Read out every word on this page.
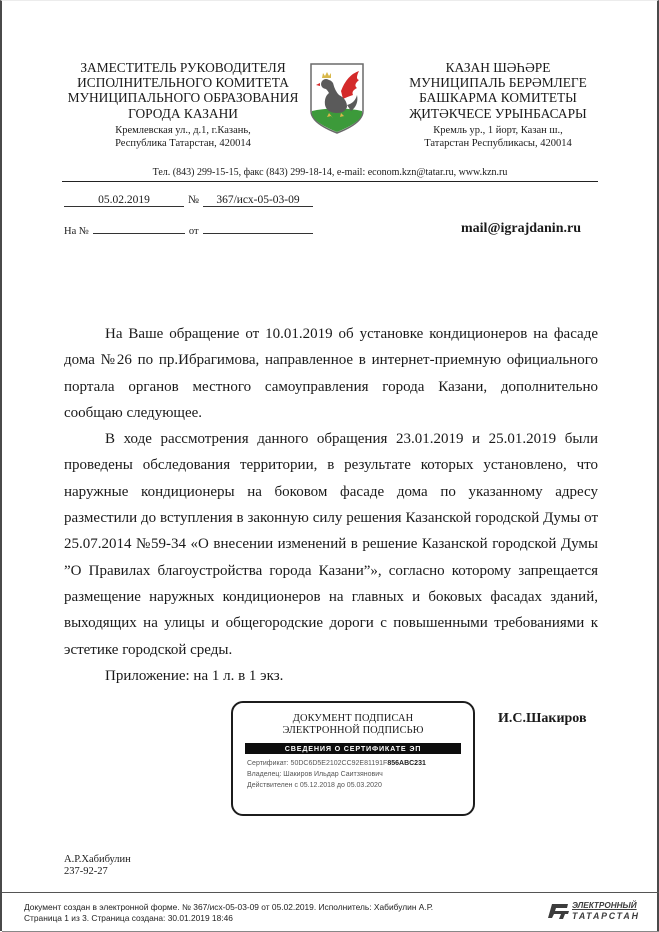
ЗАМЕСТИТЕЛЬ РУКОВОДИТЕЛЯ
ИСПОЛНИТЕЛЬНОГО КОМИТЕТА
МУНИЦИПАЛЬНОГО ОБРАЗОВАНИЯ
ГОРОДА КАЗАНИ
Кремлевская ул., д.1, г.Казань,
Республика Татарстан, 420014
КАЗАН ШӘҺӘРЕ
МУНИЦИПАЛЬ БЕРӘМЛЕГЕ
БАШКАРМА КОМИТЕТЫ
ҖИТӘКЧЕСЕ УРЫНБАСАРЫ
Кремль ур., 1 йорт, Казан ш.,
Татарстан Республикасы, 420014
Тел. (843) 299-15-15, факс (843) 299-18-14, e-mail: econom.kzn@tatar.ru, www.kzn.ru
05.02.2019	№ 367/исх-05-03-09
На №	от	mail@igrajdanin.ru

На Ваше обращение от 10.01.2019 об установке кондиционеров на фасаде дома №26 по пр.Ибрагимова, направленное в интернет-приемную официального портала органов местного самоуправления города Казани, дополнительно сообщаю следующее.

В ходе рассмотрения данного обращения 23.01.2019 и 25.01.2019 были проведены обследования территории, в результате которых установлено, что наружные кондиционеры на боковом фасаде дома по указанному адресу разместили до вступления в законную силу решения Казанской городской Думы от 25.07.2014 №59-34 «О внесении изменений в решение Казанской городской Думы ”О Правилах благоустройства города Казани”», согласно которому запрещается размещение наружных кондиционеров на главных и боковых фасадах зданий, выходящих на улицы и общегородские дороги с повышенными требованиями к эстетике городской среды.

Приложение: на 1 л. в 1 экз.

ДОКУМЕНТ ПОДПИСАН
ЭЛЕКТРОННОЙ ПОДПИСЬЮ
СВЕДЕНИЯ О СЕРТИФИКАТЕ ЭП
Сертификат: 50DC6D5E2102CC92E81191F856ABC231
Владелец: Шакиров Ильдар Саитзянович
Действителен с 05.12.2018 до 05.03.2020
И.С.Шакиров
А.Р.Хабибулин
237-92-27
Документ создан в электронной форме. № 367/исх-05-03-09 от 05.02.2019. Исполнитель: Хабибулин А.Р.
Страница 1 из 3. Страница создана: 30.01.2019 18:46
ЭЛЕКТРОННЫЙ
ТАТАРСТАН
